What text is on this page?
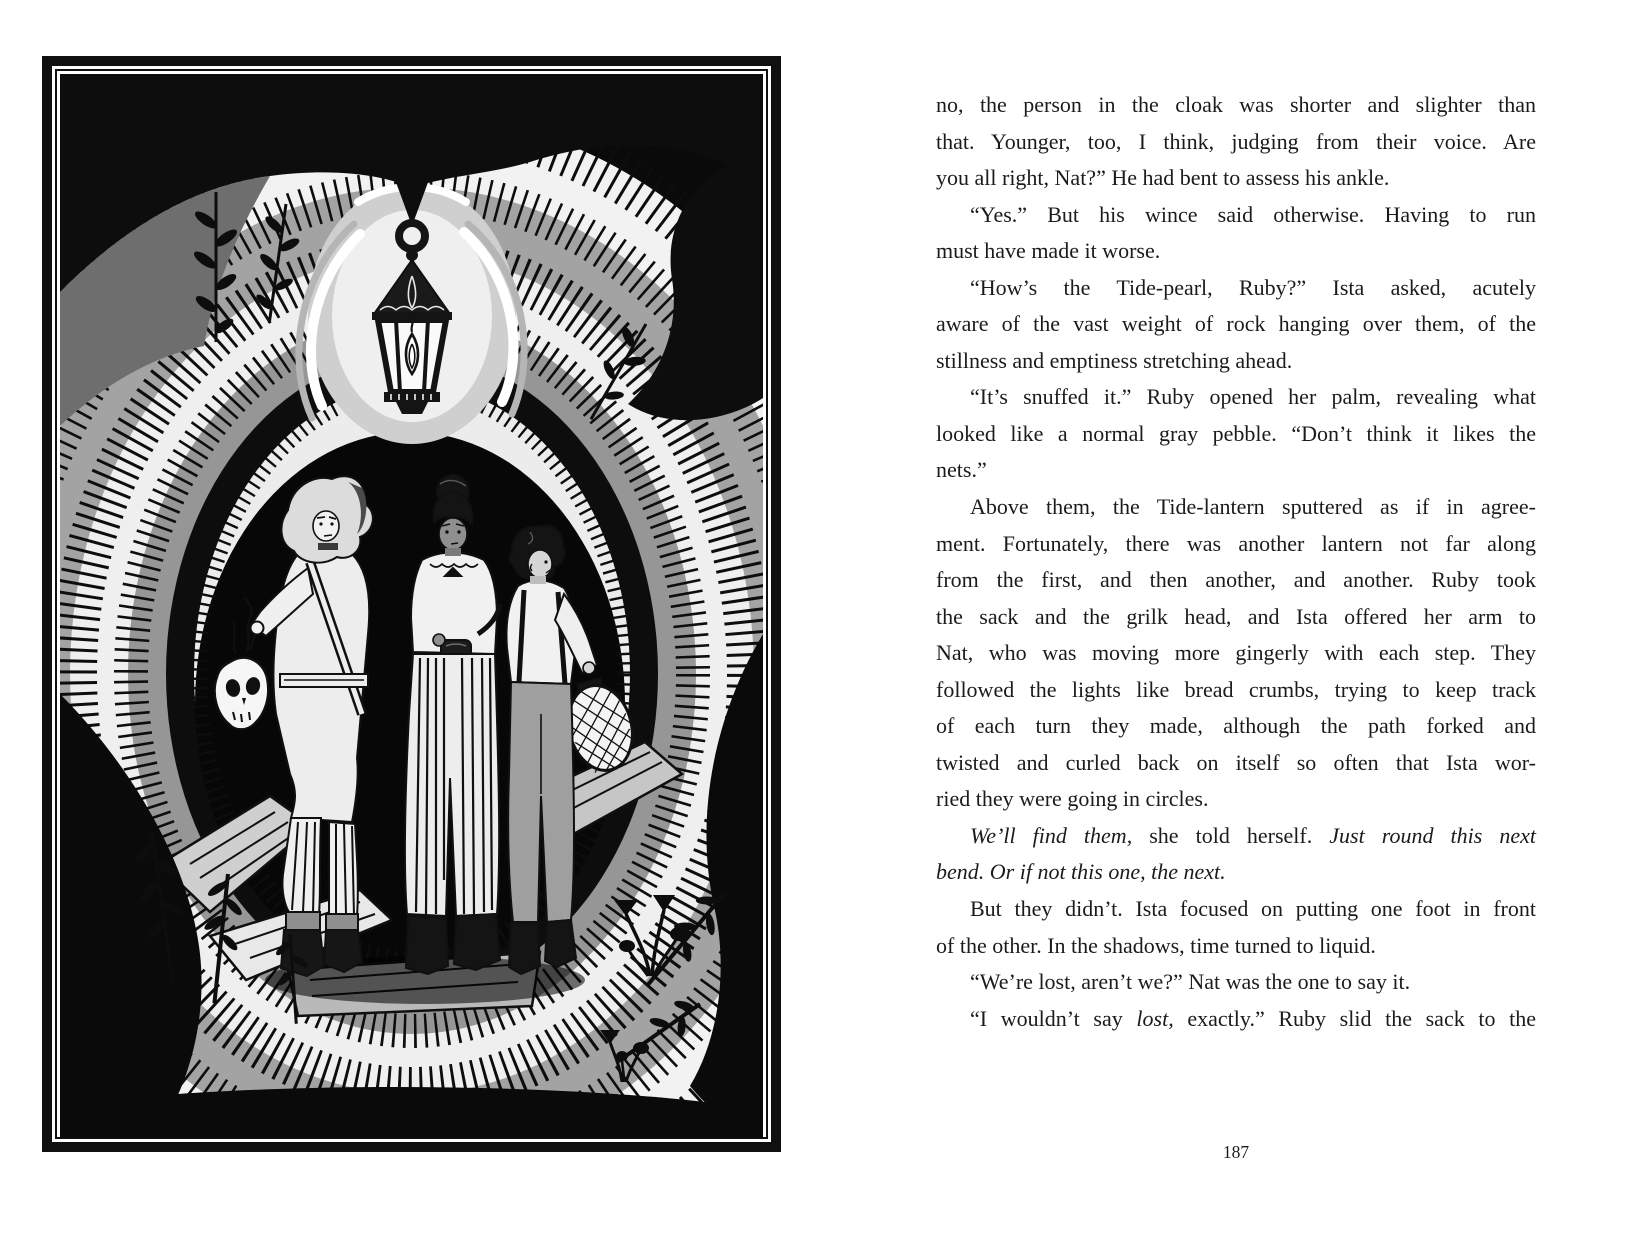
no, the person in the cloak was shorter and slighter than
that. Younger, too, I think, judging from their voice. Are
you all right, Nat?” He had bent to assess his ankle.
“Yes.” But his wince said otherwise. Having to run
must have made it worse.
“How’s the Tide-pearl, Ruby?” Ista asked, acutely
aware of the vast weight of rock hanging over them, of the
stillness and emptiness stretching ahead.
“It’s snuffed it.” Ruby opened her palm, revealing what
looked like a normal gray pebble. “Don’t think it likes the
nets.”
Above them, the Tide-lantern sputtered as if in agree-
ment. Fortunately, there was another lantern not far along
from the first, and then another, and another. Ruby took
the sack and the grilk head, and Ista offered her arm to
Nat, who was moving more gingerly with each step. They
followed the lights like bread crumbs, trying to keep track
of each turn they made, although the path forked and
twisted and curled back on itself so often that Ista wor-
ried they were going in circles.
We’ll find them, she told herself. Just round this next
bend. Or if not this one, the next.
But they didn’t. Ista focused on putting one foot in front
of the other. In the shadows, time turned to liquid.
“We’re lost, aren’t we?” Nat was the one to say it.
“I wouldn’t say lost, exactly.” Ruby slid the sack to the
187
